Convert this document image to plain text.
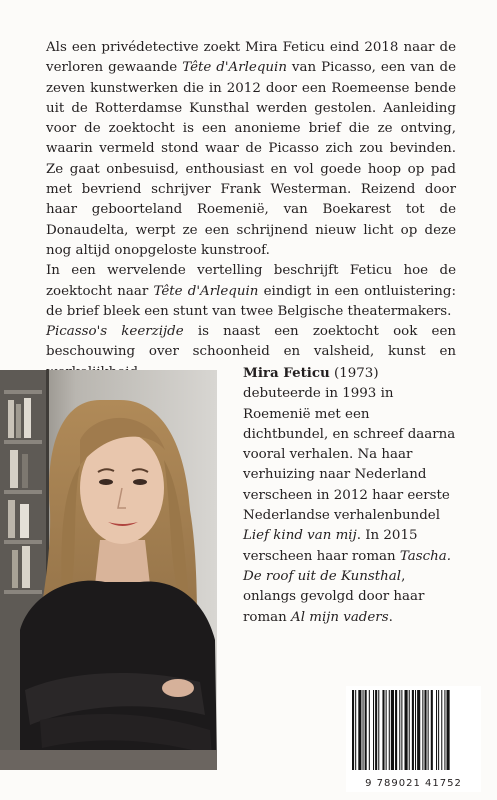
Als een privédetective zoekt Mira Feticu eind 2018 naar de verloren gewaande Tête d'Arlequin van Picasso, een van de zeven kunstwerken die in 2012 door een Roemeense bende uit de Rotterdamse Kunsthal werden gestolen. Aanleiding voor de zoektocht is een anonieme brief die ze ontving, waarin vermeld stond waar de Picasso zich zou bevinden. Ze gaat onbesuisd, enthousiast en vol goede hoop op pad met bevriend schrijver Frank Westerman. Reizend door haar geboorteland Roemenië, van Boekarest tot de Donaudelta, werpt ze een schrijnend nieuw licht op deze nog altijd onopgeloste kunstroof.

In een wervelende vertelling beschrijft Feticu hoe de zoektocht naar Tête d'Arlequin eindigt in een ontluistering: de brief bleek een stunt van twee Belgische theatermakers.

Picasso's keerzijde is naast een zoektocht ook een beschouwing over schoonheid en valsheid, kunst en

Mira Feticu (1973) debuteerde in 1993 in Roemenië met een dichtbundel, en schreef daarna vooral verhalen. Na haar verhuizing naar Nederland verscheen in 2012 haar eerste Nederlandse verhalenbundel Lief kind van mij. In 2015 verscheen haar roman Tascha. De roof uit de Kunsthal, onlangs gevolgd door haar roman Al mijn vaders.

9 789021 41752
